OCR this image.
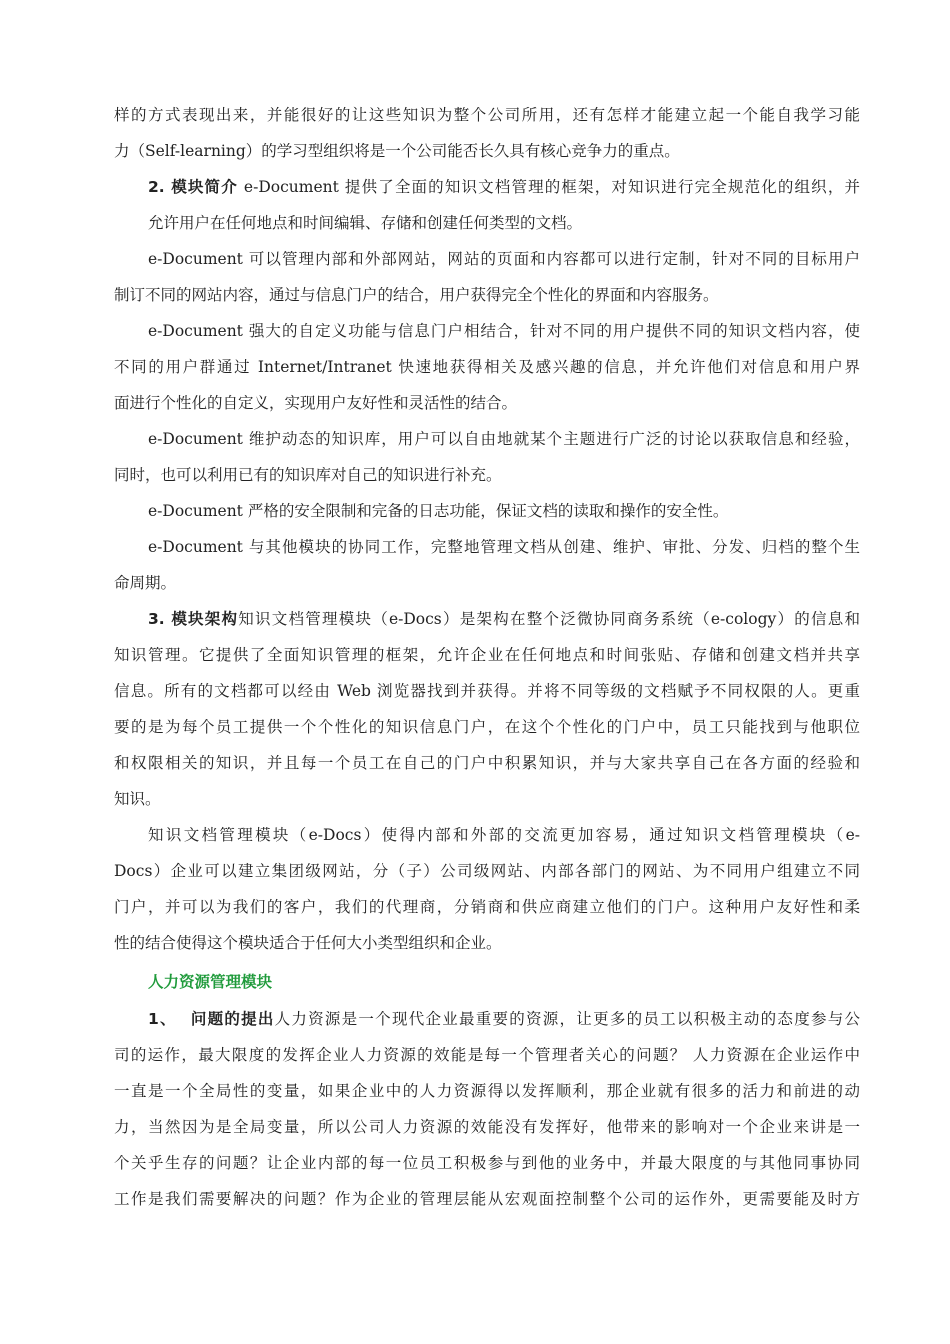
样的方式表现出来，并能很好的让这些知识为整个公司所用，还有怎样才能建立起一个能自我学习能
力（Self-learning）的学习型组织将是一个公司能否长久具有核心竞争力的重点。
2. 模块简介 e-Document 提供了全面的知识文档管理的框架，对知识进行完全规范化的组织，并
允许用户在任何地点和时间编辑、存储和创建任何类型的文档。
e-Document 可以管理内部和外部网站，网站的页面和内容都可以进行定制，针对不同的目标用户
制订不同的网站内容，通过与信息门户的结合，用户获得完全个性化的界面和内容服务。
e-Document 强大的自定义功能与信息门户相结合，针对不同的用户提供不同的知识文档内容，使
不同的用户群通过 Internet/Intranet 快速地获得相关及感兴趣的信息，并允许他们对信息和用户界
面进行个性化的自定义，实现用户友好性和灵活性的结合。
e-Document 维护动态的知识库，用户可以自由地就某个主题进行广泛的讨论以获取信息和经验，
同时，也可以利用已有的知识库对自己的知识进行补充。
e-Document 严格的安全限制和完备的日志功能，保证文档的读取和操作的安全性。
e-Document 与其他模块的协同工作，完整地管理文档从创建、维护、审批、分发、归档的整个生
命周期。
3. 模块架构知识文档管理模块（e-Docs）是架构在整个泛微协同商务系统（e-cology）的信息和
知识管理。它提供了全面知识管理的框架，允许企业在任何地点和时间张贴、存储和创建文档并共享
信息。所有的文档都可以经由 Web 浏览器找到并获得。并将不同等级的文档赋予不同权限的人。更重
要的是为每个员工提供一个个性化的知识信息门户，在这个个性化的门户中，员工只能找到与他职位
和权限相关的知识，并且每一个员工在自己的门户中积累知识，并与大家共享自己在各方面的经验和
知识。
知识文档管理模块（e-Docs）使得内部和外部的交流更加容易，通过知识文档管理模块（e-
Docs）企业可以建立集团级网站，分（子）公司级网站、内部各部门的网站、为不同用户组建立不同
门户，并可以为我们的客户，我们的代理商，分销商和供应商建立他们的门户。这种用户友好性和柔
性的结合使得这个模块适合于任何大小类型组织和企业。
人力资源管理模块
1、 问题的提出人力资源是一个现代企业最重要的资源，让更多的员工以积极主动的态度参与公
司的运作，最大限度的发挥企业人力资源的效能是每一个管理者关心的问题？ 人力资源在企业运作中
一直是一个全局性的变量，如果企业中的人力资源得以发挥顺利，那企业就有很多的活力和前进的动
力，当然因为是全局变量，所以公司人力资源的效能没有发挥好，他带来的影响对一个企业来讲是一
个关乎生存的问题？让企业内部的每一位员工积极参与到他的业务中，并最大限度的与其他同事协同
工作是我们需要解决的问题？作为企业的管理层能从宏观面控制整个公司的运作外，更需要能及时方
